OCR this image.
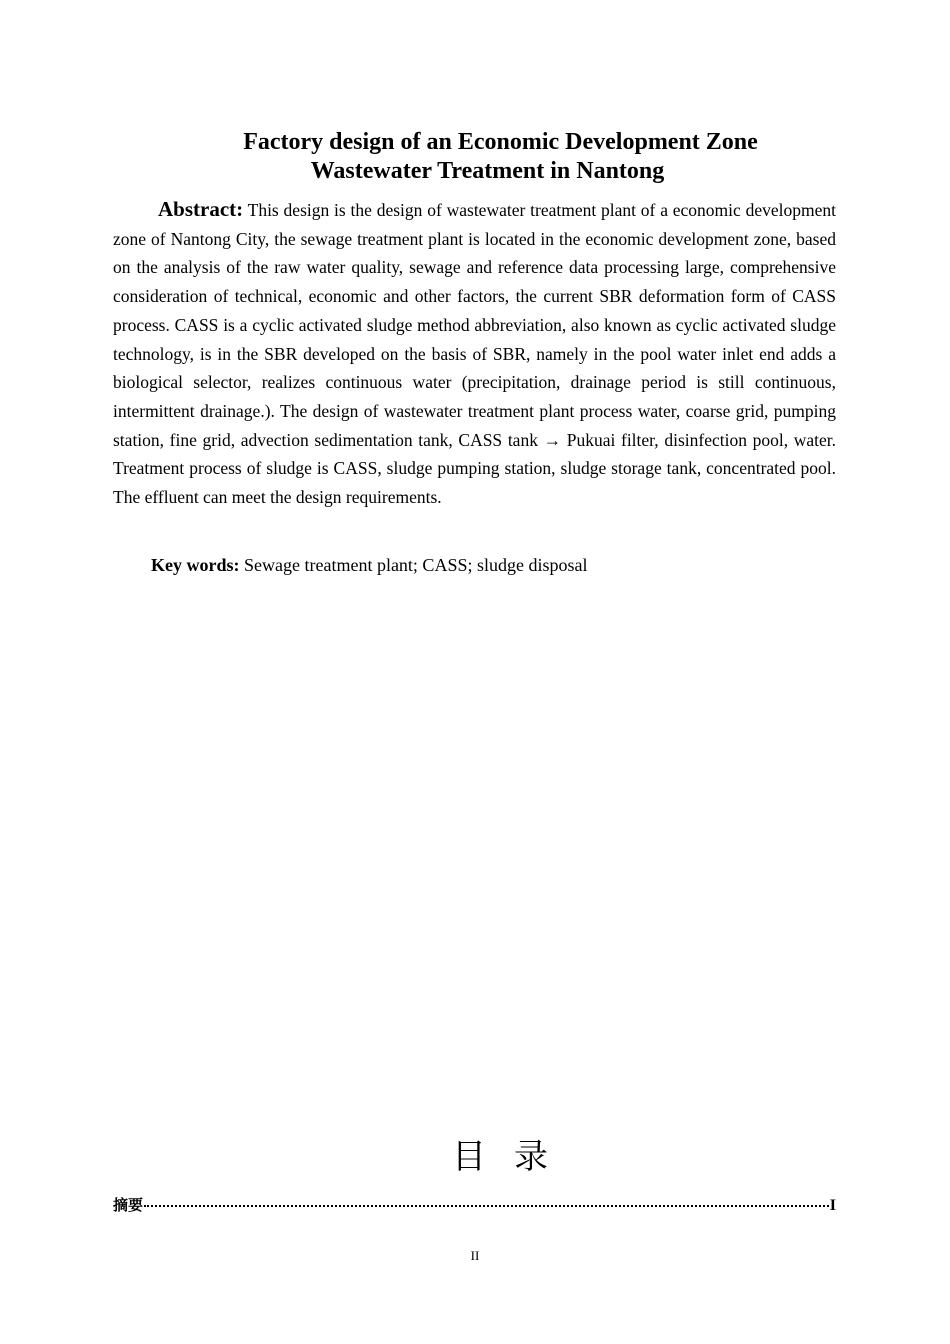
Factory design of an Economic Development Zone
Wastewater Treatment in Nantong

Abstract: This design is the design of wastewater treatment plant of a economic development zone of Nantong City, the sewage treatment plant is located in the economic development zone, based on the analysis of the raw water quality, sewage and reference data processing large, comprehensive consideration of technical, economic and other factors, the current SBR deformation form of CASS process. CASS is a cyclic activated sludge method abbreviation, also known as cyclic activated sludge technology, is in the SBR developed on the basis of SBR, namely in the pool water inlet end adds a biological selector, realizes continuous water (precipitation, drainage period is still continuous, intermittent drainage.). The design of wastewater treatment plant process water, coarse grid, pumping station, fine grid, advection sedimentation tank, CASS tank → Pukuai filter, disinfection pool, water. Treatment process of sludge is CASS, sludge pumping station, sludge storage tank, concentrated pool. The effluent can meet the design requirements.

Key words: Sewage treatment plant; CASS; sludge disposal

目录
摘要	I
II
